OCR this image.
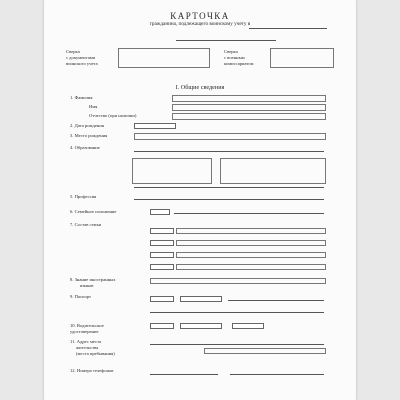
КАРТОЧКА
гражданина, подлежащего воинскому учету в
Сверка
с документами
воинского учета
Сверка
с военным
комиссариатом
I. Общие сведения
1. Фамилия
Имя
Отчество (при наличии)
2. Дата рождения
3. Место рождения
4. Образование
5. Профессия
6. Семейное положение
7. Состав семьи
8. Знание иностранных
языков
9. Паспорт
10. Водительское
удостоверение
11. Адрес места
жительства
(места пребывания)
12. Номера телефонов
